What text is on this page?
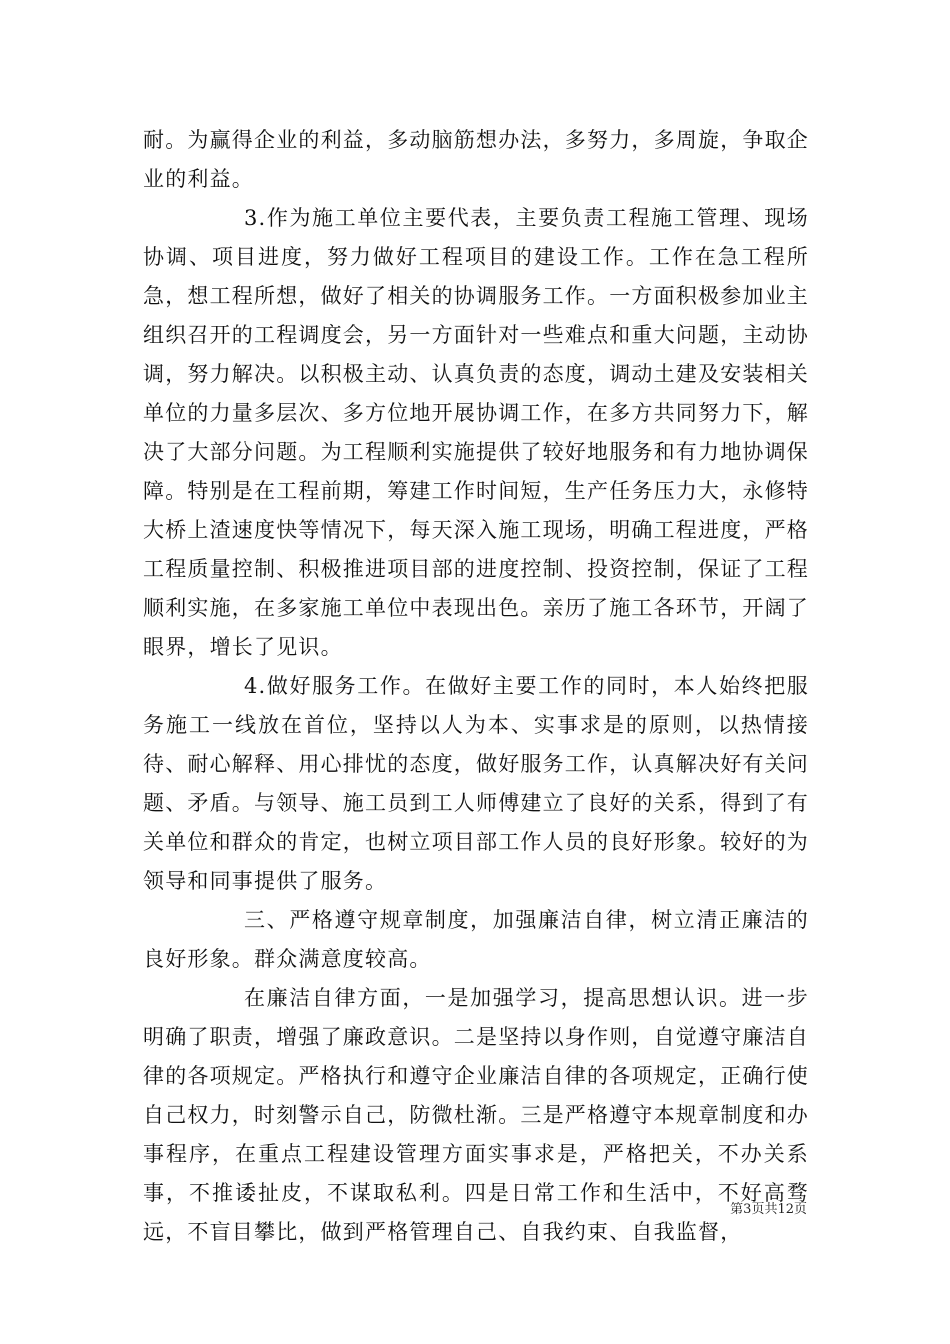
耐。为赢得企业的利益，多动脑筋想办法，多努力，多周旋，争取企业的利益。

3.作为施工单位主要代表，主要负责工程施工管理、现场协调、项目进度，努力做好工程项目的建设工作。工作在急工程所急，想工程所想，做好了相关的协调服务工作。一方面积极参加业主组织召开的工程调度会，另一方面针对一些难点和重大问题，主动协调，努力解决。以积极主动、认真负责的态度，调动土建及安装相关单位的力量多层次、多方位地开展协调工作，在多方共同努力下，解决了大部分问题。为工程顺利实施提供了较好地服务和有力地协调保障。特别是在工程前期，筹建工作时间短，生产任务压力大，永修特大桥上渣速度快等情况下，每天深入施工现场，明确工程进度，严格工程质量控制、积极推进项目部的进度控制、投资控制，保证了工程顺利实施，在多家施工单位中表现出色。亲历了施工各环节，开阔了眼界，增长了见识。

4.做好服务工作。在做好主要工作的同时，本人始终把服务施工一线放在首位，坚持以人为本、实事求是的原则，以热情接待、耐心解释、用心排忧的态度，做好服务工作，认真解决好有关问题、矛盾。与领导、施工员到工人师傅建立了良好的关系，得到了有关单位和群众的肯定，也树立项目部工作人员的良好形象。较好的为领导和同事提供了服务。

三、严格遵守规章制度，加强廉洁自律，树立清正廉洁的良好形象。群众满意度较高。

在廉洁自律方面，一是加强学习，提高思想认识。进一步明确了职责，增强了廉政意识。二是坚持以身作则，自觉遵守廉洁自律的各项规定。严格执行和遵守企业廉洁自律的各项规定，正确行使自己权力，时刻警示自己，防微杜渐。三是严格遵守本规章制度和办事程序，在重点工程建设管理方面实事求是，严格把关，不办关系事，不推诿扯皮，不谋取私利。四是日常工作和生活中，不好高骛远，不盲目攀比，做到严格管理自己、自我约束、自我监督，

第3页共12页
